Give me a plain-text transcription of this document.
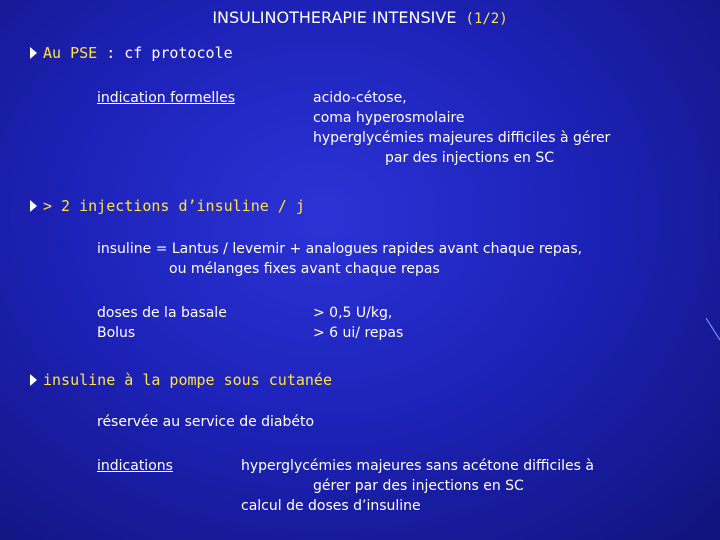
INSULINOTHERAPIE INTENSIVE (1/2)
Au PSE : cf protocole
indication formelles	acido-cétose,
coma hyperosmolaire
hyperglycémies majeures difficiles à gérer
par des injections en SC
> 2 injections d’insuline / j
insuline = Lantus / levemir + analogues rapides avant chaque repas,
ou mélanges fixes avant chaque repas
doses de la basale
Bolus
> 0,5 U/kg,
> 6 ui/ repas
insuline à la pompe sous cutanée
réservée au service de diabéto
indications	hyperglycémies majeures sans acétone difficiles à
gérer par des injections en SC
calcul de doses d’insuline
